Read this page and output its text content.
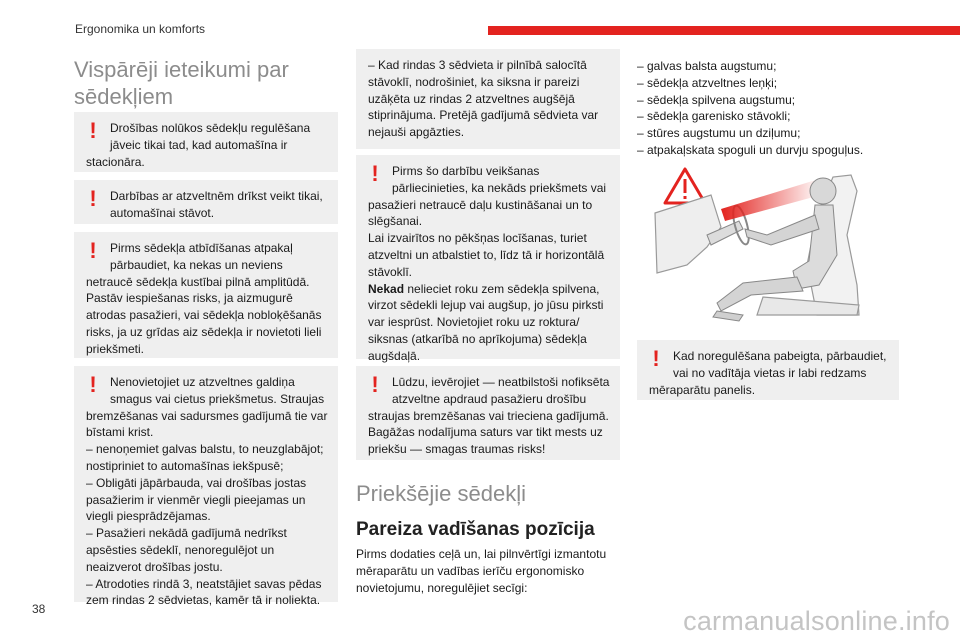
Ergonomika un komforts
Vispārēji ieteikumi par
sēdekļiem
! Drošības nolūkos sēdekļu regulēšana jāveic tikai tad, kad automašīna ir stacionāra.
! Darbības ar atzveltnēm drīkst veikt tikai, automašīnai stāvot.
! Pirms sēdekļa atbīdīšanas atpakaļ pārbaudiet, ka nekas un neviens netraucē sēdekļa kustībai pilnā amplitūdā. Pastāv iespiešanas risks, ja aizmugurē atrodas pasažieri, vai sēdekļa nobloķēšanās risks, ja uz grīdas aiz sēdekļa ir novietoti lieli priekšmeti.
! Nenovietojiet uz atzveltnes galdiņa smagus vai cietus priekšmetus. Straujas bremzēšanas vai sadursmes gadījumā tie var bīstami krist.
– nenoņemiet galvas balstu, to neuzglabājot; nostipriniet to automašīnas iekšpusē;
– Obligāti jāpārbauda, vai drošības jostas pasažierim ir vienmēr viegli pieejamas un viegli piesprādzējamas.
– Pasažieri nekādā gadījumā nedrīkst apsēsties sēdeklī, nenoregulējot un neaizverot drošības jostu.
– Atrodoties rindā 3, neatstājiet savas pēdas zem rindas 2 sēdvietas, kamēr tā ir noliekta.
– Kad rindas 3 sēdvieta ir pilnībā salocītā stāvoklī, nodrošiniet, ka siksna ir pareizi uzāķēta uz rindas 2 atzveltnes augšējā stiprinājuma. Pretējā gadījumā sēdvieta var nejauši apgāzties.
! Pirms šo darbību veikšanas pārliecinieties, ka nekāds priekšmets vai pasažieri netraucē daļu kustināšanai un to slēgšanai.
Lai izvairītos no pēkšņas locīšanas, turiet atzveltni un atbalstiet to, līdz tā ir horizontālā stāvoklī.
Nekad nelieciet roku zem sēdekļa spilvena, virzot sēdekli lejup vai augšup, jo jūsu pirksti var iesprūst. Novietojiet roku uz roktura/ siksnas (atkarībā no aprīkojuma) sēdekļa augšdaļā.
! Lūdzu, ievērojiet — neatbilstoši nofiksēta atzveltne apdraud pasažieru drošību straujas bremzēšanas vai trieciena gadījumā. Bagāžas nodalījuma saturs var tikt mests uz priekšu — smagas traumas risks!
Priekšējie sēdekļi
Pareiza vadīšanas pozīcija
Pirms dodaties ceļā un, lai pilnvērtīgi izmantotu mēraparātu un vadības ierīču ergonomisko novietojumu, noregulējiet secīgi:
– galvas balsta augstumu;
– sēdekļa atzveltnes leņķi;
– sēdekļa spilvena augstumu;
– sēdekļa garenisko stāvokli;
– stūres augstumu un dziļumu;
– atpakaļskata spoguli un durvju spoguļus.
! Kad noregulēšana pabeigta, pārbaudiet, vai no vadītāja vietas ir labi redzams mēraparātu panelis.
38	carmanualsonline.info
